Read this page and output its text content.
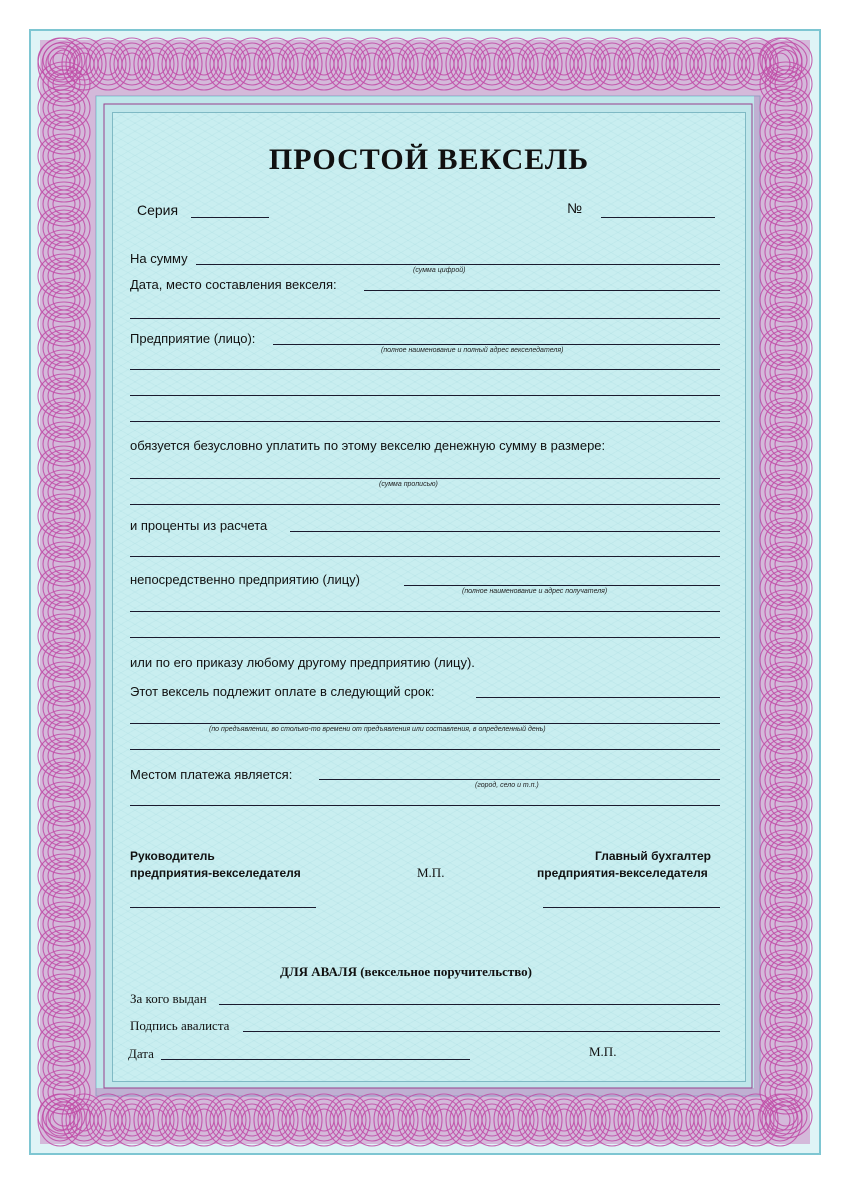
ПРОСТОЙ ВЕКСЕЛЬ
Серия	№
На сумму
(сумма цифрой)
Дата, место составления векселя:
Предприятие (лицо):
(полное наименование и полный адрес векселедателя)
обязуется безусловно уплатить по этому векселю денежную сумму в размере:
(сумма прописью)
и проценты из расчета
непосредственно предприятию (лицу)
(полное наименование и адрес получателя)
или по его приказу любому другому предприятию (лицу).
Этот вексель подлежит оплате в следующий срок:
(по предъявлении, во столько-то времени от предъявления или составления, в определенный день)
Местом платежа является:
(город, село и т.п.)
Руководитель
предприятия-векселедателя	М.П.
Главный бухгалтер
предприятия-векселедателя
ДЛЯ АВАЛЯ (вексельное поручительство)
За кого выдан
Подпись авалиста
Дата	М.П.
